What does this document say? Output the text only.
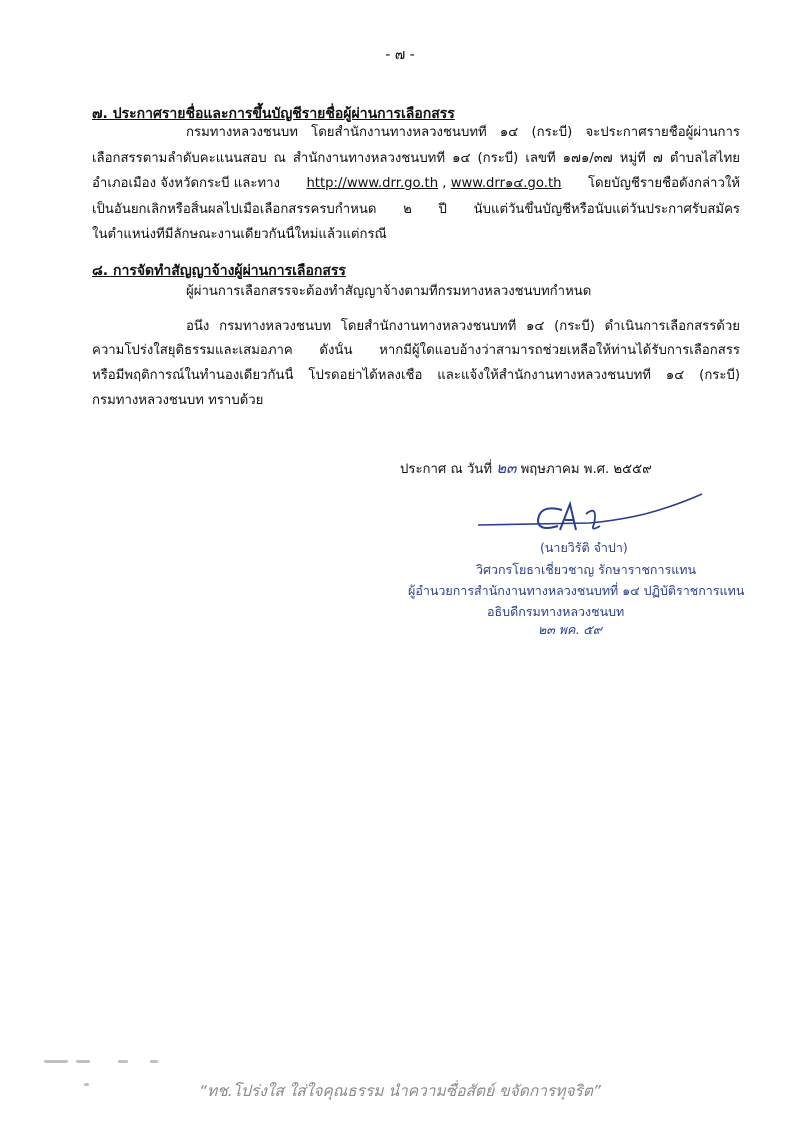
- ๗ -
๗. ประกาศรายชื่อและการขึ้นบัญชีรายชื่อผู้ผ่านการเลือกสรร
กรมทางหลวงชนบท โดยสำนักงานทางหลวงชนบทที่ ๑๔ (กระบี่) จะประกาศรายชื่อผู้ผ่านการ
เลือกสรรตามลำดับคะแนนสอบ ณ สำนักงานทางหลวงชนบทที่ ๑๔ (กระบี่) เลขที่ ๑๗๑/๓๗ หมู่ที่ ๗ ตำบลไสไทย
อำเภอเมือง จังหวัดกระบี่ และทาง http://www.drr.go.th , www.drr๑๔.go.th โดยบัญชีรายชื่อดังกล่าวให้
เป็นอันยกเลิกหรือสิ้นผลไปเมื่อเลือกสรรครบกำหนด ๒ ปี นับแต่วันขึ้นบัญชีหรือนับแต่วันประกาศรับสมัคร
ในตำแหน่งที่มีลักษณะงานเดียวกันนี้ใหม่แล้วแต่กรณี
๘. การจัดทำสัญญาจ้างผู้ผ่านการเลือกสรร
ผู้ผ่านการเลือกสรรจะต้องทำสัญญาจ้างตามที่กรมทางหลวงชนบทกำหนด
อนึ่ง กรมทางหลวงชนบท โดยสำนักงานทางหลวงชนบทที่ ๑๔ (กระบี่) ดำเนินการเลือกสรรด้วย
ความโปร่งใสยุติธรรมและเสมอภาค ดังนั้น หากมีผู้ใดแอบอ้างว่าสามารถช่วยเหลือให้ท่านได้รับการเลือกสรร
หรือมีพฤติการณ์ในทำนองเดียวกันนี้ โปรดอย่าได้หลงเชื่อ และแจ้งให้สำนักงานทางหลวงชนบทที่ ๑๔ (กระบี่)
กรมทางหลวงชนบท ทราบด้วย
ประกาศ ณ วันที่ ๒๓ พฤษภาคม พ.ศ. ๒๕๕๙
(นายวิรัติ จำปา)
วิศวกรโยธาเชี่ยวชาญ รักษาราชการแทน
ผู้อำนวยการสำนักงานทางหลวงชนบทที่ ๑๔ ปฏิบัติราชการแทน
อธิบดีกรมทางหลวงชนบท
๒๓ พค. ๕๙
“ทช.โปร่งใส ใส่ใจคุณธรรม นำความซื่อสัตย์ ขจัดการทุจริต”
